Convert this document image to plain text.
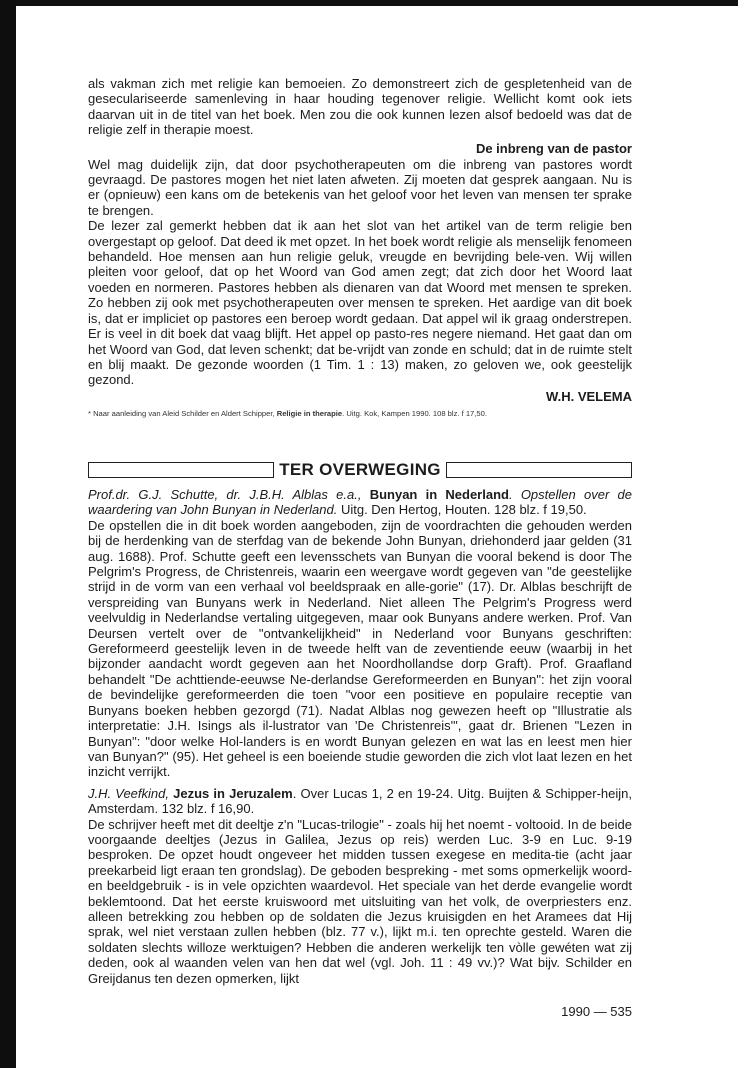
als vakman zich met religie kan bemoeien. Zo demonstreert zich de gespletenheid van de geseculariseerde samenleving in haar houding tegenover religie. Wellicht komt ook iets daarvan uit in de titel van het boek. Men zou die ook kunnen lezen alsof bedoeld was dat de religie zelf in therapie moest.

De inbreng van de pastor

Wel mag duidelijk zijn, dat door psychotherapeuten om die inbreng van pastores wordt gevraagd. De pastores mogen het niet laten afweten. Zij moeten dat gesprek aangaan. Nu is er (opnieuw) een kans om de betekenis van het geloof voor het leven van mensen ter sprake te brengen.

De lezer zal gemerkt hebben dat ik aan het slot van het artikel van de term religie ben overgestapt op geloof. Dat deed ik met opzet. In het boek wordt religie als menselijk fenomeen behandeld. Hoe mensen aan hun religie geluk, vreugde en bevrijding bele-ven. Wij willen pleiten voor geloof, dat op het Woord van God amen zegt; dat zich door het Woord laat voeden en normeren. Pastores hebben als dienaren van dat Woord met mensen te spreken. Zo hebben zij ook met psychotherapeuten over mensen te spreken. Het aardige van dit boek is, dat er impliciet op pastores een beroep wordt gedaan. Dat appel wil ik graag onderstrepen. Er is veel in dit boek dat vaag blijft. Het appel op pasto-res negere niemand. Het gaat dan om het Woord van God, dat leven schenkt; dat be-vrijdt van zonde en schuld; dat in de ruimte stelt en blij maakt. De gezonde woorden (1 Tim. 1 : 13) maken, zo geloven we, ook geestelijk gezond.

W.H. VELEMA
* Naar aanleiding van Aleid Schilder en Aldert Schipper, Religie in therapie. Uitg. Kok, Kampen 1990. 108 blz. f 17,50.
TER OVERWEGING

Prof.dr. G.J. Schutte, dr. J.B.H. Alblas e.a., Bunyan in Nederland. Opstellen over de waardering van John Bunyan in Nederland. Uitg. Den Hertog, Houten. 128 blz. f 19,50.

De opstellen die in dit boek worden aangeboden, zijn de voordrachten die gehouden werden bij de herdenking van de sterfdag van de bekende John Bunyan, driehonderd jaar gelden (31 aug. 1688). Prof. Schutte geeft een levensschets van Bunyan die vooral bekend is door The Pelgrim's Progress, de Christenreis, waarin een weergave wordt gegeven van "de geestelijke strijd in de vorm van een verhaal vol beeldspraak en alle-gorie" (17). Dr. Alblas beschrijft de verspreiding van Bunyans werk in Nederland. Niet alleen The Pelgrim's Progress werd veelvuldig in Nederlandse vertaling uitgegeven, maar ook Bunyans andere werken. Prof. Van Deursen vertelt over de "ontvankelijkheid" in Nederland voor Bunyans geschriften: Gereformeerd geestelijk leven in de tweede helft van de zeventiende eeuw (waarbij in het bijzonder aandacht wordt gegeven aan het Noordhollandse dorp Graft). Prof. Graafland behandelt "De achttiende-eeuwse Ne-derlandse Gereformeerden en Bunyan": het zijn vooral de bevindelijke gereformeerden die toen "voor een positieve en populaire receptie van Bunyans boeken hebben gezorgd (71). Nadat Alblas nog gewezen heeft op "Illustratie als interpretatie: J.H. Isings als il-lustrator van 'De Christenreis'", gaat dr. Brienen "Lezen in Bunyan": "door welke Hol-landers is en wordt Bunyan gelezen en wat las en leest men hier van Bunyan?" (95). Het geheel is een boeiende studie geworden die zich vlot laat lezen en het inzicht verrijkt.

J.H. Veefkind, Jezus in Jeruzalem. Over Lucas 1, 2 en 19-24. Uitg. Buijten & Schipper-heijn, Amsterdam. 132 blz. f 16,90.

De schrijver heeft met dit deeltje z'n "Lucas-trilogie" - zoals hij het noemt - voltooid. In de beide voorgaande deeltjes (Jezus in Galilea, Jezus op reis) werden Luc. 3-9 en Luc. 9-19 besproken. De opzet houdt ongeveer het midden tussen exegese en medita-tie (acht jaar preekarbeid ligt eraan ten grondslag). De geboden bespreking - met soms opmerkelijk woord- en beeldgebruik - is in vele opzichten waardevol. Het speciale van het derde evangelie wordt beklemtoond. Dat het eerste kruiswoord met uitsluiting van het volk, de overpriesters enz. alleen betrekking zou hebben op de soldaten die Jezus kruisigden en het Aramees dat Hij sprak, wel niet verstaan zullen hebben (blz. 77 v.), lijkt m.i. ten oprechte gesteld. Waren die soldaten slechts willoze werktuigen? Hebben die anderen werkelijk ten vòlle gewéten wat zij deden, ook al waanden velen van hen dat wel (vgl. Joh. 11 : 49 vv.)? Wat bijv. Schilder en Greijdanus ten dezen opmerken, lijkt

1990 — 535
